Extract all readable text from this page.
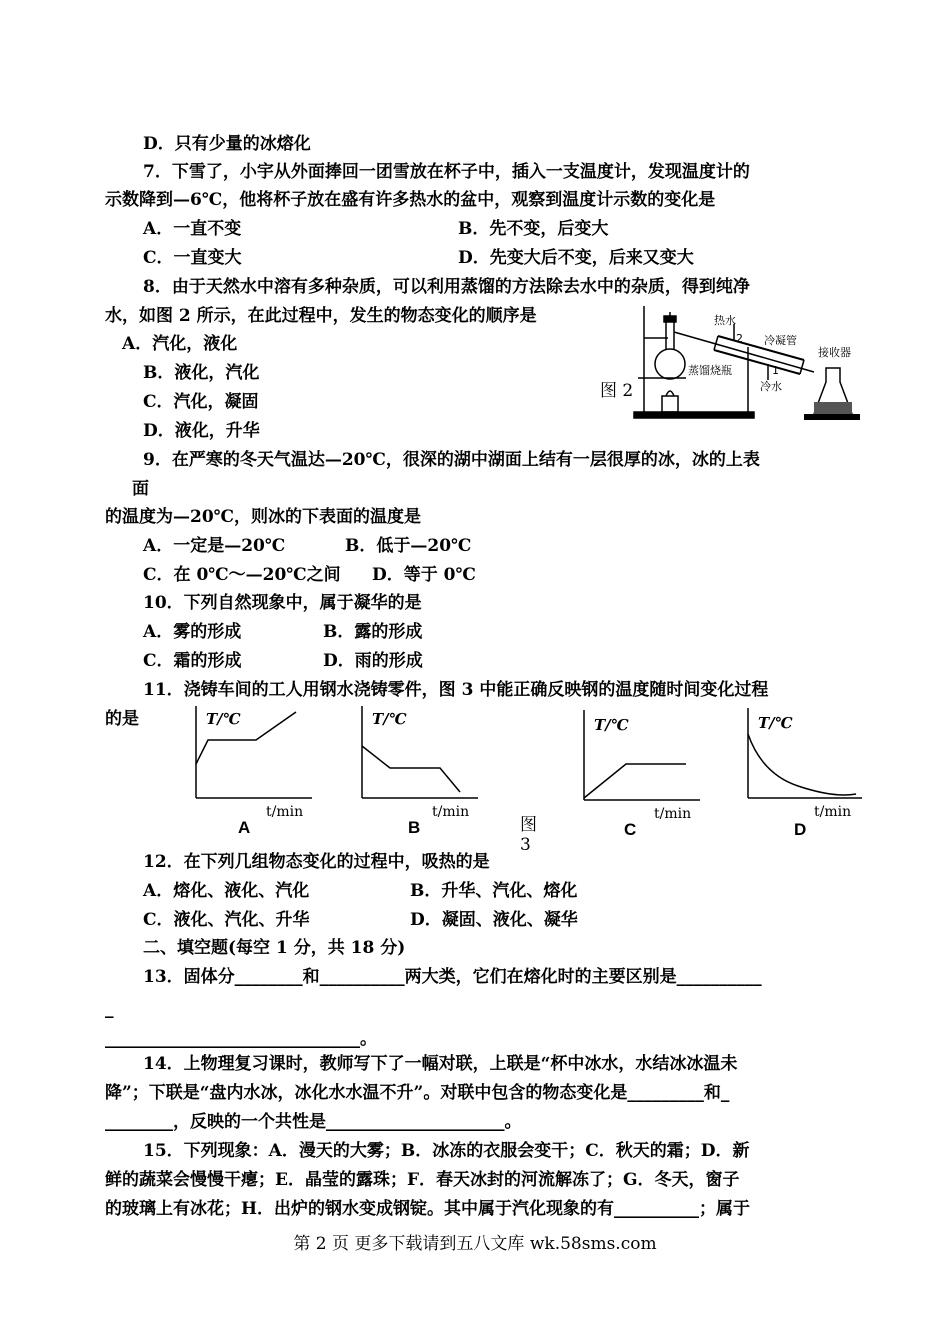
D．只有少量的冰熔化
7．下雪了，小宇从外面捧回一团雪放在杯子中，插入一支温度计，发现温度计的
示数降到—6℃，他将杯子放在盛有许多热水的盆中，观察到温度计示数的变化是
A．一直不变	B．先不变，后变大
C．一直变大	D．先变大后不变，后来又变大
8．由于天然水中溶有多种杂质，可以利用蒸馏的方法除去水中的杂质，得到纯净
水，如图 2 所示，在此过程中，发生的物态变化的顺序是
A．汽化，液化
B．液化，汽化
C．汽化，凝固
D．液化，升华
图 2
热水
冷凝管
接收器
蒸馏烧瓶
冷水
2
1
9．在严寒的冬天气温达—20℃，很深的湖中湖面上结有一层很厚的冰，冰的上表
面
的温度为—20℃，则冰的下表面的温度是
A．一定是—20℃	B．低于—20℃
C．在 0℃～—20℃之间 D．等于 0℃
10．下列自然现象中，属于凝华的是
A．雾的形成	B．露的形成
C．霜的形成	D．雨的形成
11．浇铸车间的工人用钢水浇铸零件，图 3 中能正确反映钢的温度随时间变化过程
的是	T/℃
t/min
A
T/℃
t/min
B	图
3
T/℃
t/min
C
T/℃
t/min
D
12．在下列几组物态变化的过程中，吸热的是
A．熔化、液化、汽化	B．升华、汽化、熔化
C．液化、汽化、升华	D．凝固、液化、凝华
二、填空题(每空 1 分，共 18 分)
13．固体分________和__________两大类，它们在熔化时的主要区别是__________
_
______________________________。
14．上物理复习课时，教师写下了一幅对联，上联是“杯中冰水，水结冰冰温未
降”；下联是“盘内水冰，冰化水水温不升”。对联中包含的物态变化是_________和_
________，反映的一个共性是_____________________。
15．下列现象：A．漫天的大雾；B．冰冻的衣服会变干；C．秋天的霜；D．新
鲜的蔬菜会慢慢干瘪；E．晶莹的露珠；F．春天冰封的河流解冻了；G．冬天，窗子
的玻璃上有冰花；H．出炉的钢水变成钢锭。其中属于汽化现象的有__________；属于
第 2 页 更多下载请到五八文库 wk.58sms.com
